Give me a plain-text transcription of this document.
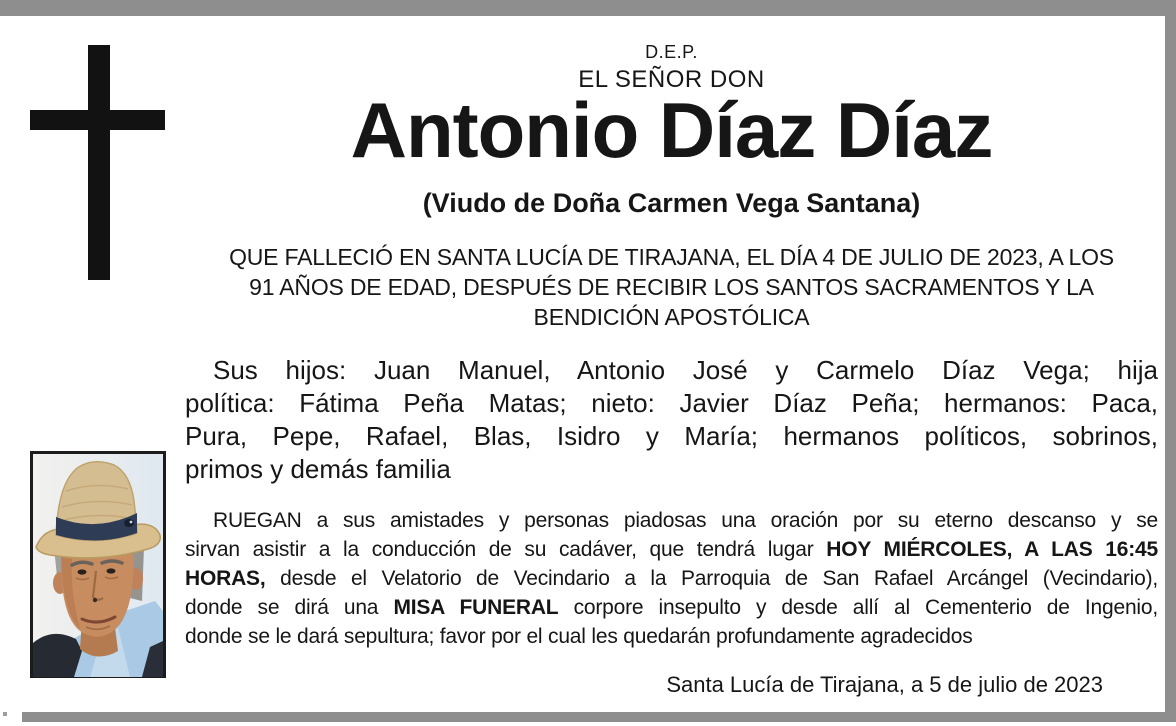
D.E.P.
EL SEÑOR DON
Antonio Díaz Díaz
(Viudo de Doña Carmen Vega Santana)
QUE FALLECIÓ EN SANTA LUCÍA DE TIRAJANA, EL DÍA 4 DE JULIO DE 2023, A LOS
91 AÑOS DE EDAD, DESPUÉS DE RECIBIR LOS SANTOS SACRAMENTOS Y LA
BENDICIÓN APOSTÓLICA
Sus hijos: Juan Manuel, Antonio José y Carmelo Díaz Vega; hija
política: Fátima Peña Matas; nieto: Javier Díaz Peña; hermanos: Paca,
Pura, Pepe, Rafael, Blas, Isidro y María; hermanos políticos, sobrinos,
primos y demás familia
RUEGAN a sus amistades y personas piadosas una oración por su eterno descanso y se
sirvan asistir a la conducción de su cadáver, que tendrá lugar HOY MIÉRCOLES, A LAS 16:45
HORAS, desde el Velatorio de Vecindario a la Parroquia de San Rafael Arcángel (Vecindario),
donde se dirá una MISA FUNERAL corpore insepulto y desde allí al Cementerio de Ingenio,
donde se le dará sepultura; favor por el cual les quedarán profundamente agradecidos
Santa Lucía de Tirajana, a 5 de julio de 2023
